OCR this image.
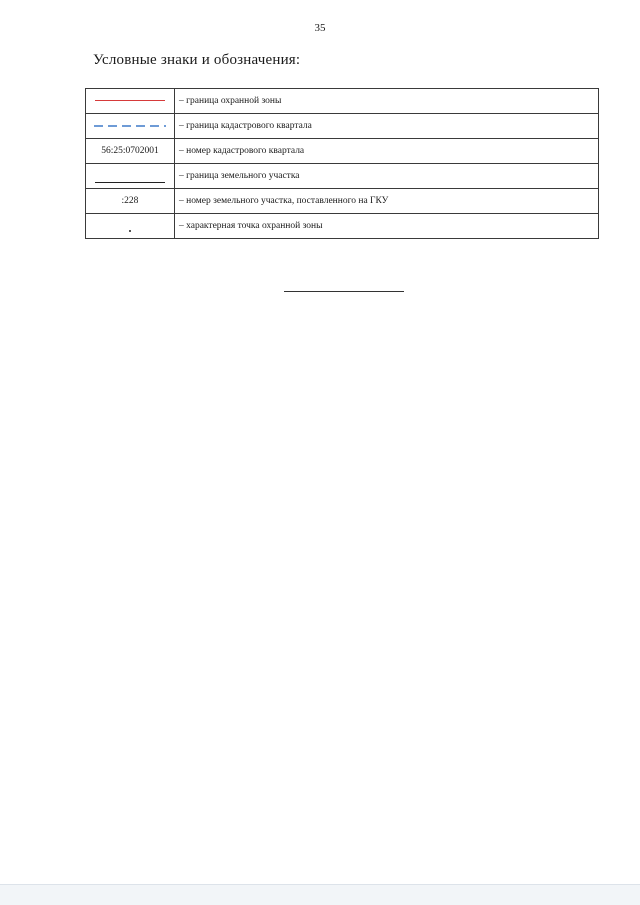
35
Условные знаки и обозначения:
	– граница охранной зоны
	– граница кадастрового квартала
56:25:0702001	– номер кадастрового квартала
	– граница земельного участка
:228	– номер земельного участка, поставленного на ГКУ
	– характерная точка охранной зоны
